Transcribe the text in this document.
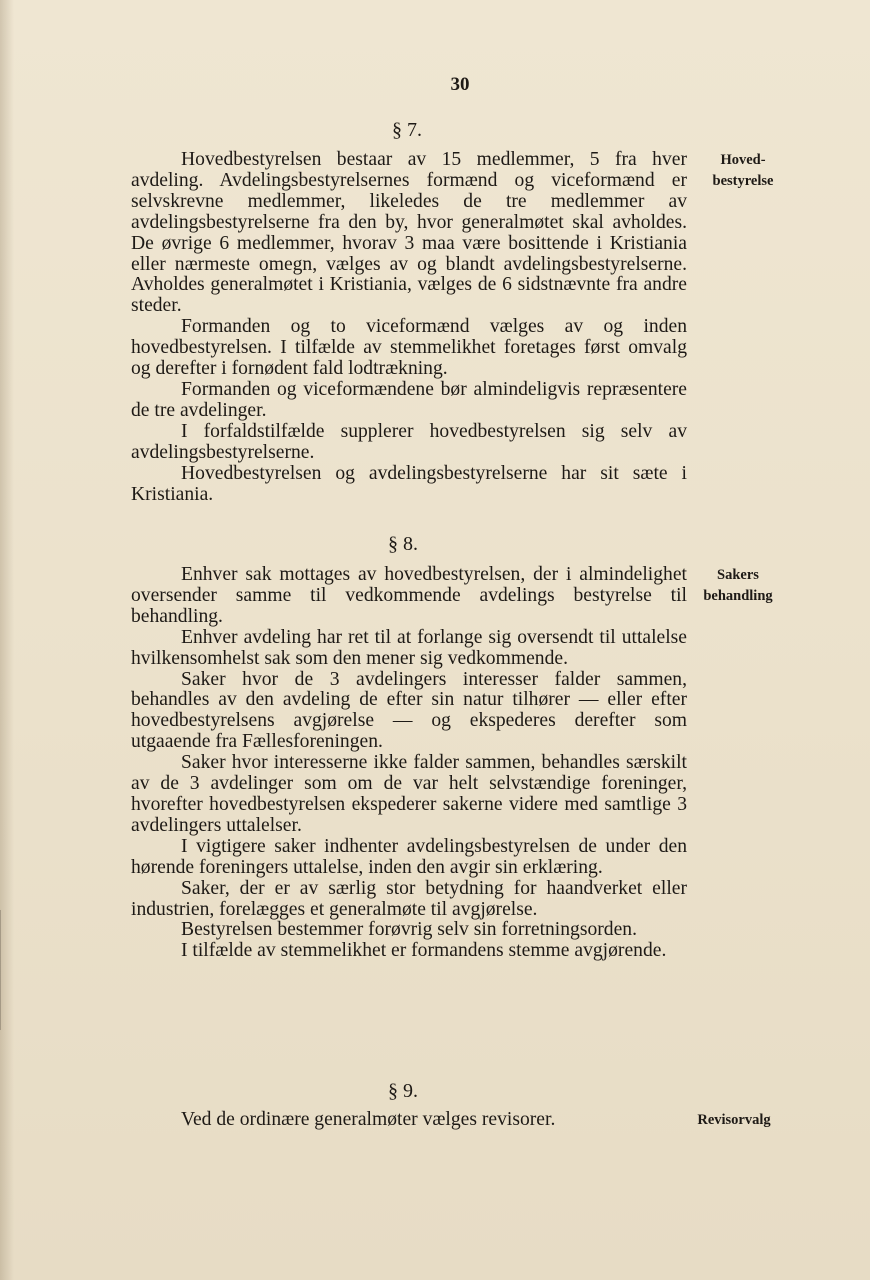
30
§ 7.
Hoved-
bestyrelse

Hovedbestyrelsen bestaar av 15 medlemmer, 5 fra hver avdeling. Avdelingsbestyrelsernes formænd og viceformænd er selvskrevne medlemmer, likeledes de tre medlemmer av avdelingsbestyrelserne fra den by, hvor generalmøtet skal avholdes. De øvrige 6 medlemmer, hvorav 3 maa være bosittende i Kristiania eller nærmeste omegn, vælges av og blandt avdelingsbestyrelserne. Avholdes generalmøtet i Kristiania, vælges de 6 sidstnævnte fra andre steder.

Formanden og to viceformænd vælges av og inden hovedbestyrelsen. I tilfælde av stemmelikhet foretages først omvalg og derefter i fornødent fald lodtrækning.

Formanden og viceformændene bør almindeligvis repræsentere de tre avdelinger.

I forfaldstilfælde supplerer hovedbestyrelsen sig selv av avdelingsbestyrelserne.

Hovedbestyrelsen og avdelingsbestyrelserne har sit sæte i Kristiania.

§ 8.
Sakers
behandling

Enhver sak mottages av hovedbestyrelsen, der i almindelighet oversender samme til vedkommende avdelings bestyrelse til behandling.

Enhver avdeling har ret til at forlange sig oversendt til uttalelse hvilkensomhelst sak som den mener sig vedkommende.

Saker hvor de 3 avdelingers interesser falder sammen, behandles av den avdeling de efter sin natur tilhører — eller efter hovedbestyrelsens avgjørelse — og ekspederes derefter som utgaaende fra Fællesforeningen.

Saker hvor interesserne ikke falder sammen, behandles særskilt av de 3 avdelinger som om de var helt selvstændige foreninger, hvorefter hovedbestyrelsen ekspederer sakerne videre med samtlige 3 avdelingers uttalelser.

I vigtigere saker indhenter avdelingsbestyrelsen de under den hørende foreningers uttalelse, inden den avgir sin erklæring.

Saker, der er av særlig stor betydning for haandverket eller industrien, forelægges et generalmøte til avgjørelse.

Bestyrelsen bestemmer forøvrig selv sin forretningsorden.

I tilfælde av stemmelikhet er formandens stemme avgjørende.

§ 9.
Revisorvalg

Ved de ordinære generalmøter vælges revisorer.
